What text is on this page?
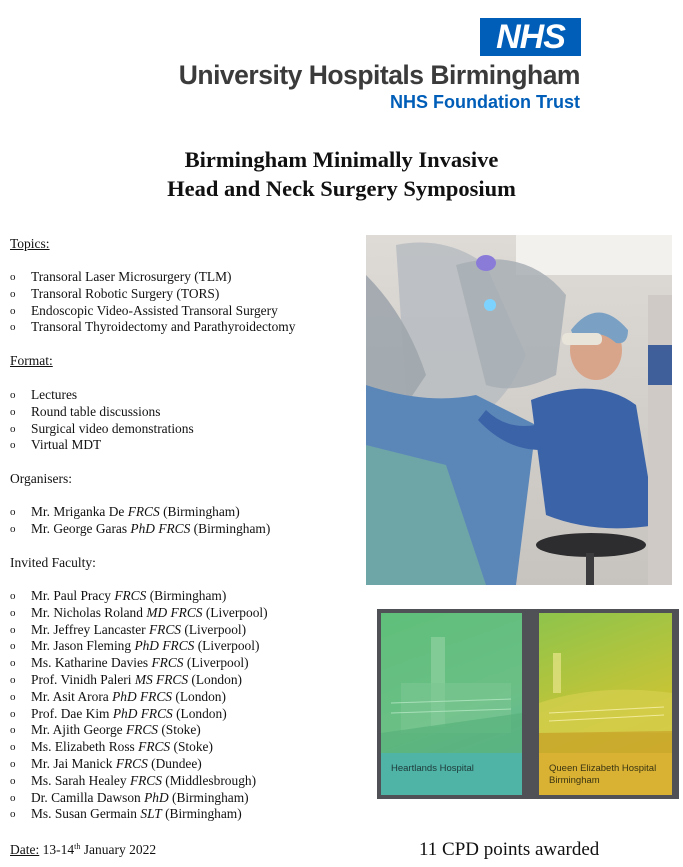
NHS
University Hospitals Birmingham
NHS Foundation Trust
Birmingham Minimally Invasive
Head and Neck Surgery Symposium
Topics:
o	Transoral Laser Microsurgery (TLM)
o	Transoral Robotic Surgery (TORS)
o	Endoscopic Video-Assisted Transoral Surgery
o	Transoral Thyroidectomy and Parathyroidectomy
Format:
o	Lectures
o	Round table discussions
o	Surgical video demonstrations
o	Virtual MDT
Organisers:
o	Mr. Mriganka De
FRCS
(Birmingham)
o	Mr. George Garas
PhD FRCS
(Birmingham)
Invited Faculty:
o	Mr. Paul Pracy
FRCS
(Birmingham)
o	Mr. Nicholas Roland
MD FRCS
(Liverpool)
o	Mr. Jeffrey Lancaster
FRCS
(Liverpool)
o	Mr. Jason Fleming
PhD FRCS
(Liverpool)
o	Ms. Katharine Davies
FRCS
(Liverpool)
o	Prof. Vinidh Paleri
MS FRCS
(London)
o	Mr. Asit Arora
PhD FRCS
(London)
o	Prof. Dae Kim
PhD FRCS
(London)
o	Mr. Ajith George
FRCS
(Stoke)
o	Ms. Elizabeth Ross
FRCS
(Stoke)
o	Mr. Jai Manick
FRCS
(Dundee)
o	Ms. Sarah Healey
FRCS
(Middlesbrough)
o	Dr. Camilla Dawson
PhD
(Birmingham)
o	Ms. Susan Germain
SLT
(Birmingham)
Heartlands Hospital	Queen Elizabeth Hospital
Birmingham
Date: 13-14th January 2022	11 CPD points awarded
